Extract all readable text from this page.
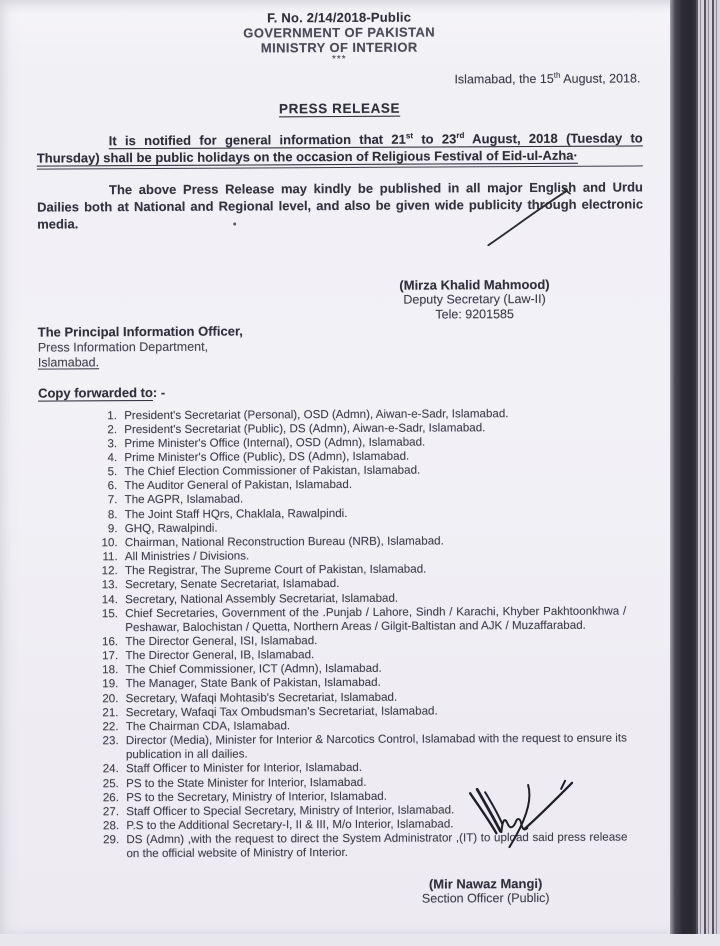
F. No. 2/14/2018-Public
GOVERNMENT OF PAKISTAN
MINISTRY OF INTERIOR
***
Islamabad, the 15th August, 2018.
PRESS RELEASE

It is notified for general information that 21st to 23rd August, 2018 (Tuesday to Thursday) shall be public holidays on the occasion of Religious Festival of Eid-ul-Azha·

The above Press Release may kindly be published in all major English and Urdu Dailies both at National and Regional level, and also be given wide publicity through electronic media.

(Mirza Khalid Mahmood)
Deputy Secretary (Law-II)
Tele: 9201585
The Principal Information Officer,
Press Information Department,
Islamabad.
Copy forwarded to: -
1. President's Secretariat (Personal), OSD (Admn), Aiwan-e-Sadr, Islamabad.
2. President's Secretariat (Public), DS (Admn), Aiwan-e-Sadr, Islamabad.
3. Prime Minister's Office (Internal), OSD (Admn), Islamabad.
4. Prime Minister's Office (Public), DS (Admn), Islamabad.
5. The Chief Election Commissioner of Pakistan, Islamabad.
6. The Auditor General of Pakistan, Islamabad.
7. The AGPR, Islamabad.
8. The Joint Staff HQrs, Chaklala, Rawalpindi.
9. GHQ, Rawalpindi.
10. Chairman, National Reconstruction Bureau (NRB), Islamabad.
11. All Ministries / Divisions.
12. The Registrar, The Supreme Court of Pakistan, Islamabad.
13. Secretary, Senate Secretariat, Islamabad.
14. Secretary, National Assembly Secretariat, Islamabad.
15. Chief Secretaries, Government of the .Punjab / Lahore, Sindh / Karachi, Khyber Pakhtoonkhwa / Peshawar, Balochistan / Quetta, Northern Areas / Gilgit-Baltistan and AJK / Muzaffarabad.
16. The Director General, ISI, Islamabad.
17. The Director General, IB, Islamabad.
18. The Chief Commissioner, ICT (Admn), Islamabad.
19. The Manager, State Bank of Pakistan, Islamabad.
20. Secretary, Wafaqi Mohtasib's Secretariat, Islamabad.
21. Secretary, Wafaqi Tax Ombudsman's Secretariat, Islamabad.
22. The Chairman CDA, Islamabad.
23. Director (Media), Minister for Interior & Narcotics Control, Islamabad with the request to ensure its publication in all dailies.
24. Staff Officer to Minister for Interior, Islamabad.
25. PS to the State Minister for Interior, Islamabad.
26. PS to the Secretary, Ministry of Interior, Islamabad.
27. Staff Officer to Special Secretary, Ministry of Interior, Islamabad.
28. P.S to the Additional Secretary-I, II & III, M/o Interior, Islamabad.
29. DS (Admn) ,with the request to direct the System Administrator ,(IT) to upload said press release on the official website of Ministry of Interior.
(Mir Nawaz Mangi)
Section Officer (Public)
